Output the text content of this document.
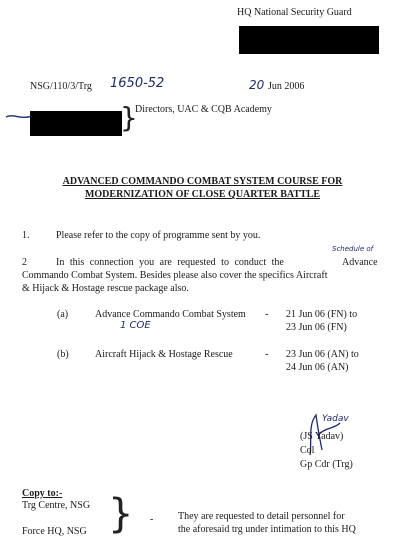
HQ National Security Guard
NSG/110/3/Trg 1650-52	20 Jun 2006
}
Directors, UAC & CQB Academy
ADVANCED COMMANDO COMBAT SYSTEM COURSE FOR
MODERNIZATION OF CLOSE QUARTER BATTLE
1.	Please refer to the copy of programme sent by you.
Schedule of
2	In this connection you are requested to conduct the	Advance
Commando Combat System. Besides please also cover the specifics Aircraft
& Hijack & Hostage rescue package also.
(a)	Advance Commando Combat System - 21 Jun 06 (FN) to
23 Jun 06 (FN)
1 COE
(b)	Aircraft Hijack & Hostage Rescue	- 23 Jun 06 (AN) to
24 Jun 06 (AN)
Yadav
(JS Yadav)
Col
Gp Cdr (Trg)
Copy to:-
Trg Centre, NSG
Force HQ, NSG } - They are requested to detail personnel for
the aforesaid trg under intimation to this HQ
